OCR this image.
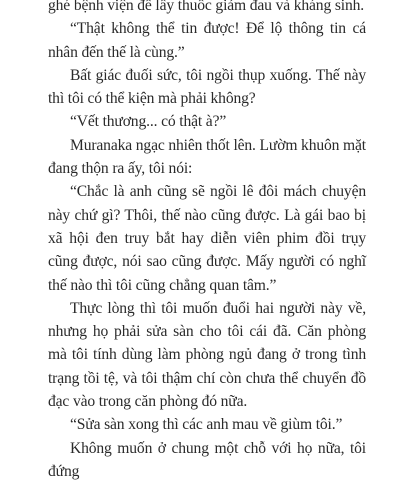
ghé bệnh viện để lấy thuốc giảm đau và kháng sinh.

“Thật không thể tin được! Để lộ thông tin cá nhân đến thế là cùng.”

Bất giác đuối sức, tôi ngồi thụp xuống. Thế này thì tôi có thể kiện mà phải không?

“Vết thương... có thật à?”

Muranaka ngạc nhiên thốt lên. Lườm khuôn mặt đang thộn ra ấy, tôi nói:

“Chắc là anh cũng sẽ ngồi lê đôi mách chuyện này chứ gì? Thôi, thế nào cũng được. Là gái bao bị xã hội đen truy bắt hay diễn viên phim đồi trụy cũng được, nói sao cũng được. Mấy người có nghĩ thế nào thì tôi cũng chẳng quan tâm.”

Thực lòng thì tôi muốn đuổi hai người này về, nhưng họ phải sửa sàn cho tôi cái đã. Căn phòng mà tôi tính dùng làm phòng ngủ đang ở trong tình trạng tồi tệ, và tôi thậm chí còn chưa thể chuyển đồ đạc vào trong căn phòng đó nữa.

“Sửa sàn xong thì các anh mau về giùm tôi.”

Không muốn ở chung một chỗ với họ nữa, tôi đứng
